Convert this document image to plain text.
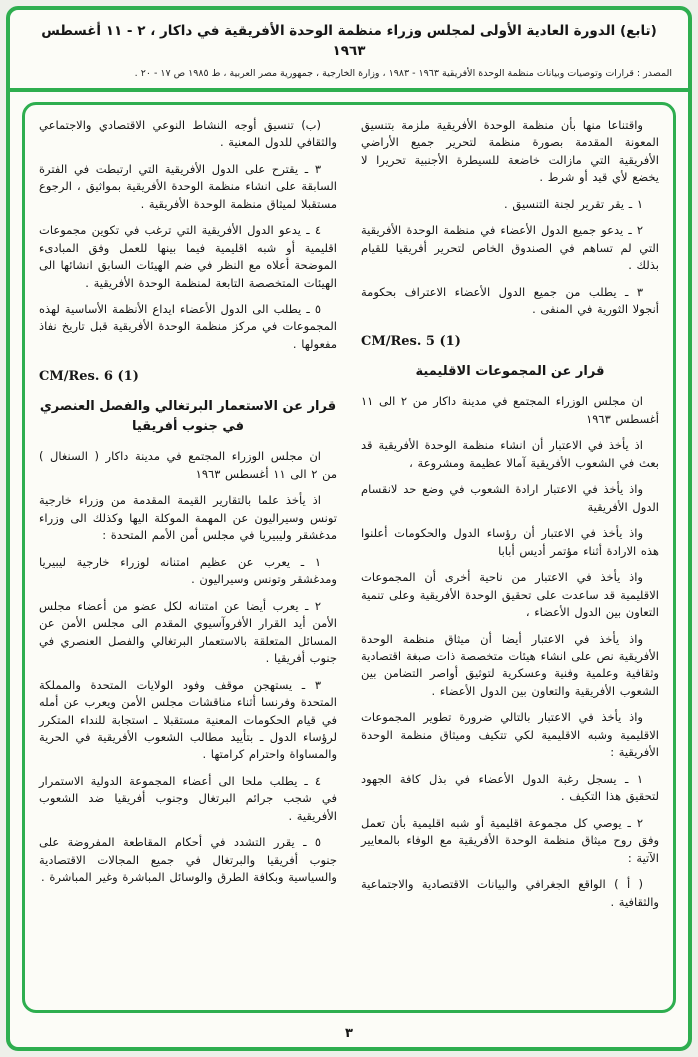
(تابع) الدورة العادية الأولى لمجلس وزراء منظمة الوحدة الأفريقية في داكار ، ٢ - ١١ أغسطس ١٩٦٣
المصدر : قرارات وتوصيات وبيانات منظمة الوحدة الأفريقية ١٩٦٣ - ١٩٨٣ ، وزارة الخارجية ، جمهورية مصر العربية ، ط ١٩٨٥ ص ١٧ - ٢٠ .

واقتناعا منها بأن منظمة الوحدة الأفريقية ملزمة بتنسيق المعونة المقدمة بصورة منظمة لتحرير جميع الأراضي الأفريقية التي مازالت خاضعة للسيطرة الأجنبية تحريرا لا يخضع لأي قيد أو شرط .

١ ـ يقر تقرير لجنة التنسيق .

٢ ـ يدعو جميع الدول الأعضاء في منظمة الوحدة الأفريقية التي لم تساهم في الصندوق الخاص لتحرير أفريقيا للقيام بذلك .

٣ ـ يطلب من جميع الدول الأعضاء الاعتراف بحكومة أنجولا الثورية في المنفى .

CM/Res. 5 (1)

قرار عن المجموعات الاقليمية

ان مجلس الوزراء المجتمع في مدينة داكار من ٢ الى ١١ أغسطس ١٩٦٣

اذ يأخذ في الاعتبار أن انشاء منظمة الوحدة الأفريقية قد بعث في الشعوب الأفريقية آمالا عظيمة ومشروعة ،

واذ يأخذ في الاعتبار ارادة الشعوب في وضع حد لانقسام الدول الأفريقية

واذ يأخذ في الاعتبار أن رؤساء الدول والحكومات أعلنوا هذه الارادة أثناء مؤتمر أديس أبابا

واذ يأخذ في الاعتبار من ناحية أخرى أن المجموعات الاقليمية قد ساعدت على تحقيق الوحدة الأفريقية وعلى تنمية التعاون بين الدول الأعضاء ،

واذ يأخذ في الاعتبار أيضا أن ميثاق منظمة الوحدة الأفريقية نص على انشاء هيئات متخصصة ذات صبغة اقتصادية وثقافية وعلمية وفنية وعسكرية لتوثيق أواصر التضامن بين الشعوب الأفريقية والتعاون بين الدول الأعضاء .

واذ يأخذ في الاعتبار بالتالي ضرورة تطوير المجموعات الاقليمية وشبه الاقليمية لكي تتكيف وميثاق منظمة الوحدة الأفريقية :

١ ـ يسجل رغبة الدول الأعضاء في بذل كافة الجهود لتحقيق هذا التكيف .

٢ ـ يوصي كل مجموعة اقليمية أو شبه اقليمية بأن تعمل وفق روح ميثاق منظمة الوحدة الأفريقية مع الوفاء بالمعايير الآتية :

( أ ) الواقع الجغرافي والبيانات الاقتصادية والاجتماعية والثقافية .

(ب) تنسيق أوجه النشاط النوعي الاقتصادي والاجتماعي والثقافي للدول المعنية .

٣ ـ يقترح على الدول الأفريقية التي ارتبطت في الفترة السابقة على انشاء منظمة الوحدة الأفريقية بمواثيق ، الرجوع مستقبلا لميثاق منظمة الوحدة الأفريقية .

٤ ـ يدعو الدول الأفريقية التي ترغب في تكوين مجموعات اقليمية أو شبه اقليمية فيما بينها للعمل وفق المبادىء الموضحة أعلاه مع النظر في ضم الهيئات السابق انشائها الى الهيئات المتخصصة التابعة لمنظمة الوحدة الأفريقية .

٥ ـ يطلب الى الدول الأعضاء ايداع الأنظمة الأساسية لهذه المجموعات في مركز منظمة الوحدة الأفريقية قبل تاريخ نفاذ مفعولها .

CM/Res. 6 (1)

قرار عن الاستعمار البرتغالي والفصل العنصري في جنوب أفريقيا

ان مجلس الوزراء المجتمع في مدينة داكار ( السنغال ) من ٢ الى ١١ أغسطس ١٩٦٣

اذ يأخذ علما بالتقارير القيمة المقدمة من وزراء خارجية تونس وسيراليون عن المهمة الموكلة اليها وكذلك الى وزراء مدغشقر وليبيريا في مجلس أمن الأمم المتحدة :

١ ـ يعرب عن عظيم امتنانه لوزراء خارجية ليبيريا ومدغشقر وتونس وسيراليون .

٢ ـ يعرب أيضا عن امتنانه لكل عضو من أعضاء مجلس الأمن أيد القرار الأفروآسيوي المقدم الى مجلس الأمن عن المسائل المتعلقة بالاستعمار البرتغالي والفصل العنصري في جنوب أفريقيا .

٣ ـ يستهجن موقف وفود الولايات المتحدة والمملكة المتحدة وفرنسا أثناء مناقشات مجلس الأمن ويعرب عن أمله في قيام الحكومات المعنية مستقبلا ـ استجابة للنداء المتكرر لرؤساء الدول ـ بتأييد مطالب الشعوب الأفريقية في الحرية والمساواة واحترام كرامتها .

٤ ـ يطلب ملحا الى أعضاء المجموعة الدولية الاستمرار في شجب جرائم البرتغال وجنوب أفريقيا ضد الشعوب الأفريقية .

٥ ـ يقرر التشدد في أحكام المقاطعة المفروضة على جنوب أفريقيا والبرتغال في جميع المجالات الاقتصادية والسياسية وبكافة الطرق والوسائل المباشرة وغير المباشرة .

٣
